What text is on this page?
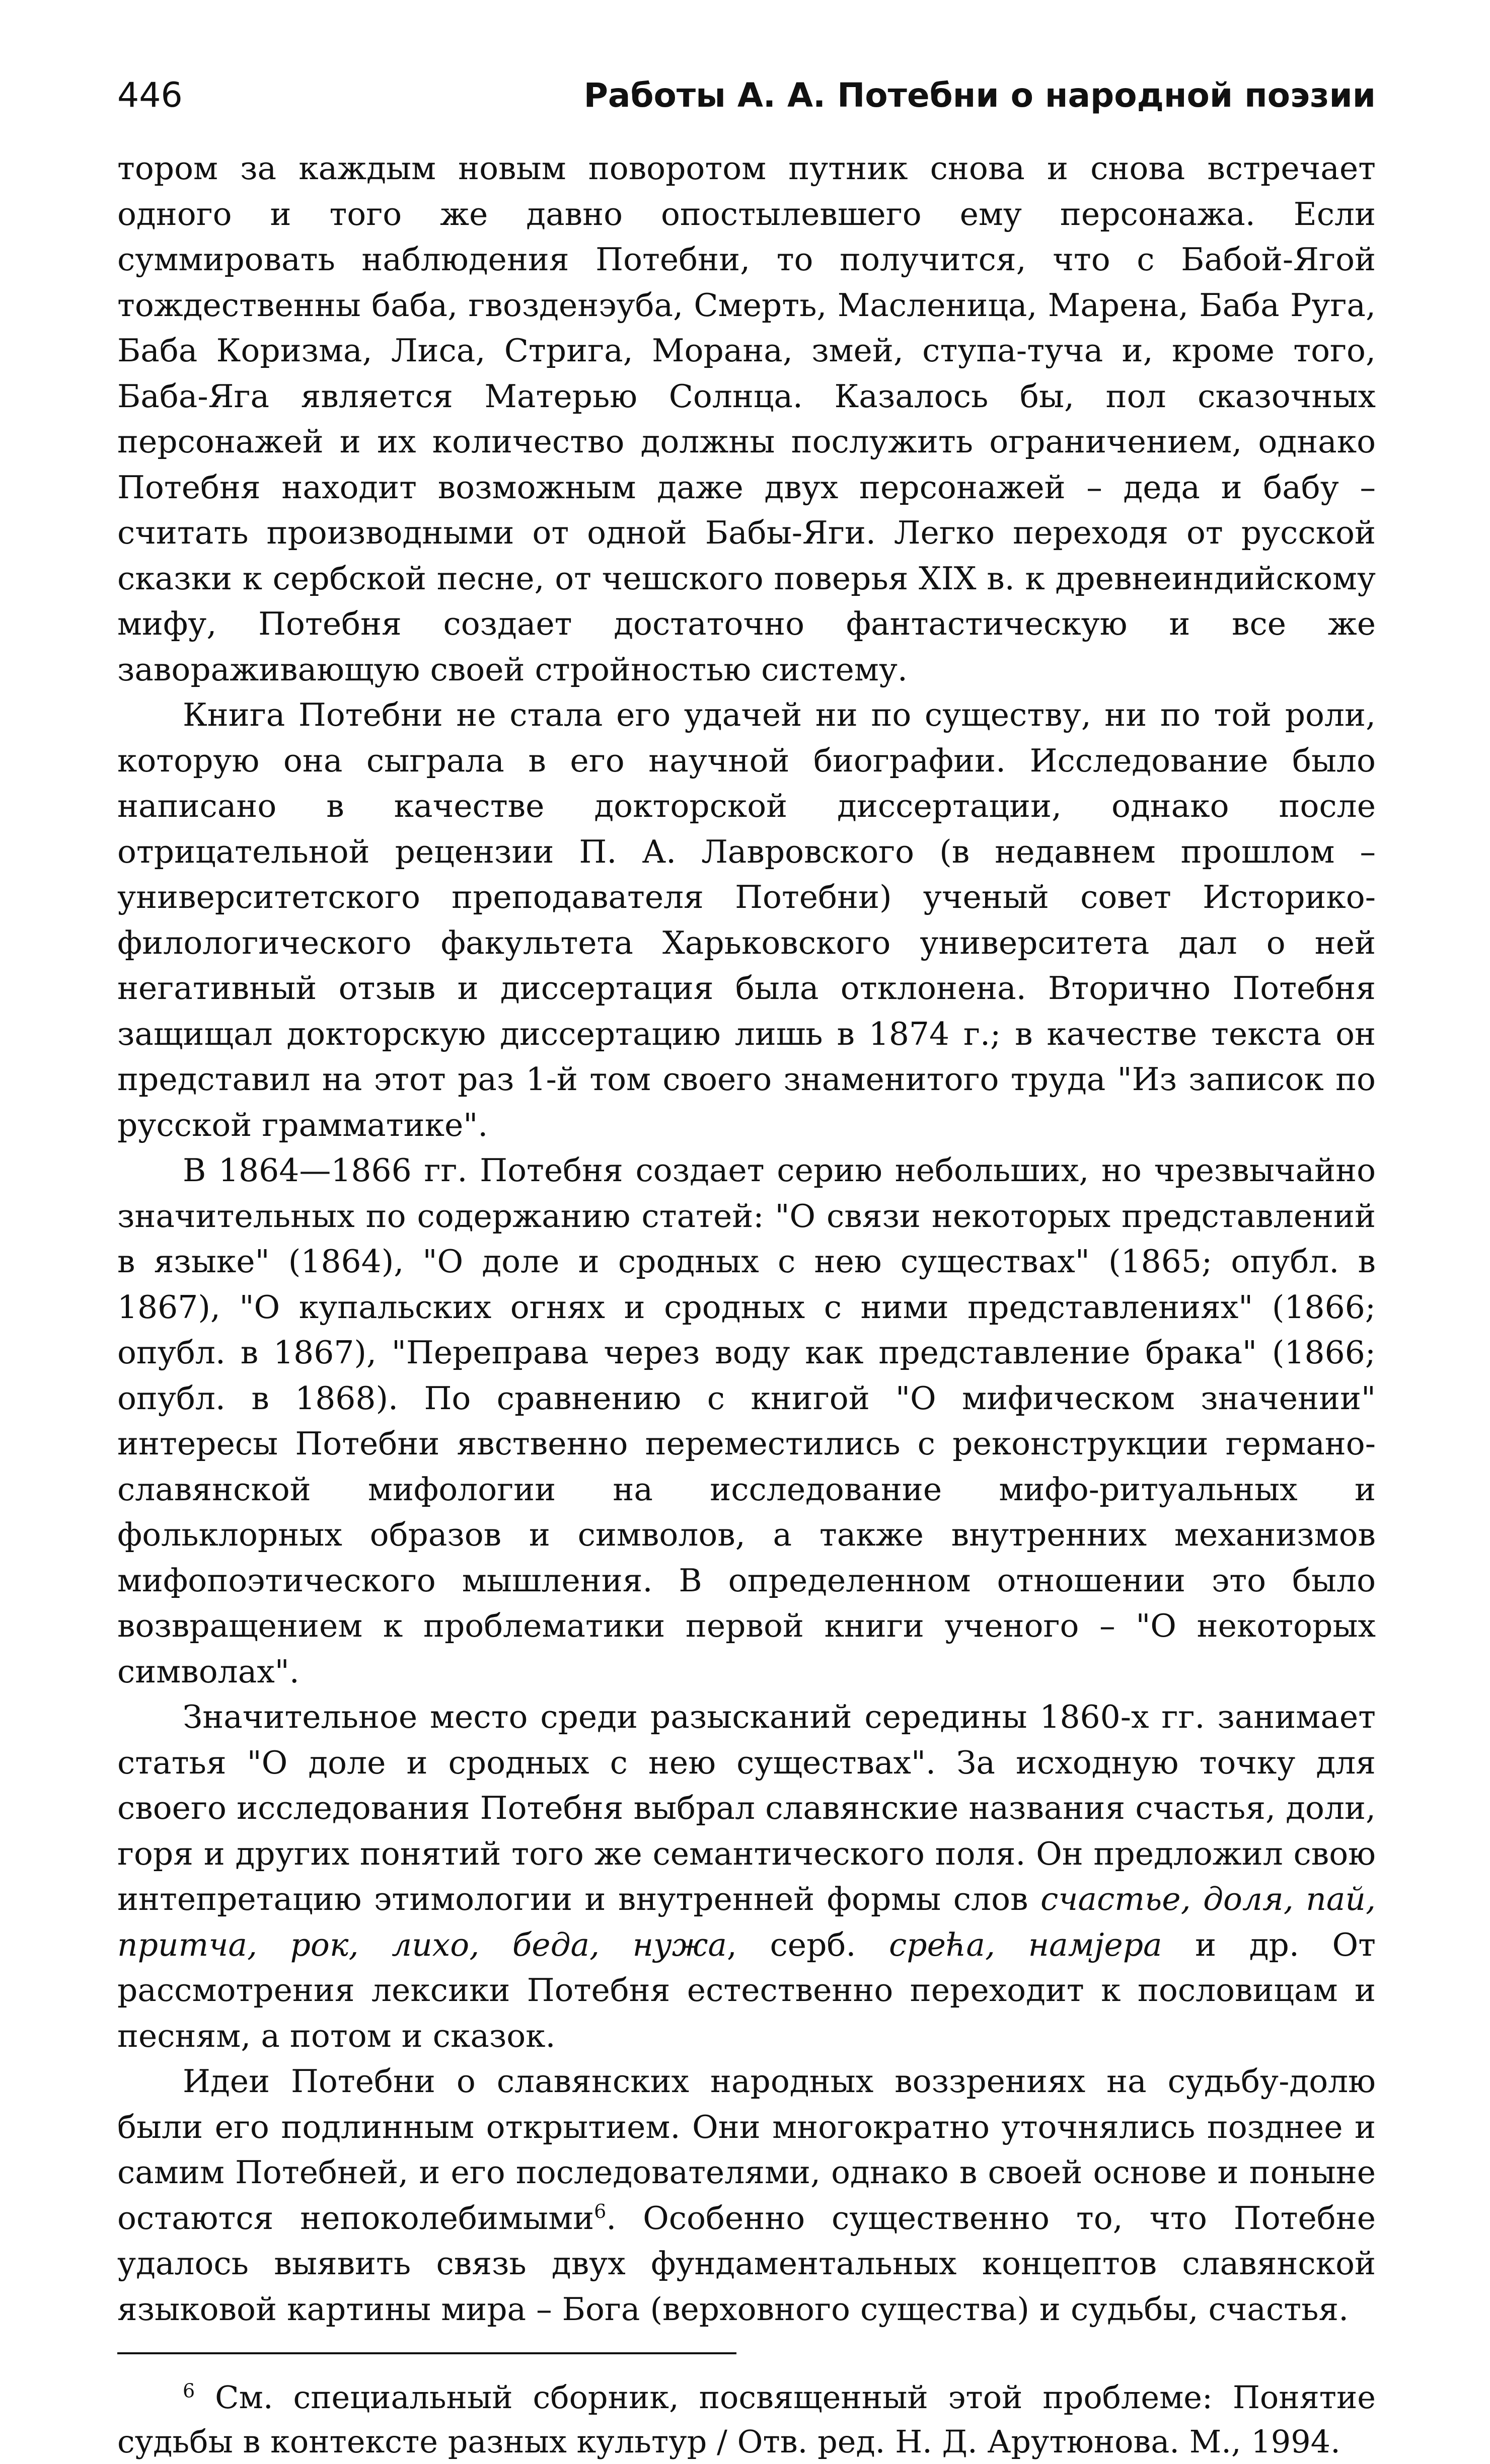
446	Работы А. А. Потебни о народной поэзии

тором за каждым новым поворотом путник снова и снова встречает одного и того же давно опостылевшего ему персонажа. Если суммировать наблюдения Потебни, то получится, что с Бабой-Ягой тождественны баба, гвозденэуба, Смерть, Масленица, Марена, Баба Руга, Баба Коризма, Лиса, Стрига, Морана, змей, ступа-туча и, кроме того, Баба-Яга является Матерью Солнца. Казалось бы, пол сказочных персонажей и их количество должны послужить ограничением, однако Потебня находит возможным даже двух персонажей – деда и бабу – считать производными от одной Бабы-Яги. Легко переходя от русской сказки к сербской песне, от чешского поверья XIX в. к древнеиндийскому мифу, Потебня создает достаточно фантастическую и все же завораживающую своей стройностью систему.

Книга Потебни не стала его удачей ни по существу, ни по той роли, которую она сыграла в его научной биографии. Исследование было написано в качестве докторской диссертации, однако после отрицательной рецензии П. А. Лавровского (в недавнем прошлом – университетского преподавателя Потебни) ученый совет Историко-филологического факультета Харьковского университета дал о ней негативный отзыв и диссертация была отклонена. Вторично Потебня защищал докторскую диссертацию лишь в 1874 г.; в качестве текста он представил на этот раз 1-й том своего знаменитого труда "Из записок по русской грамматике".

В 1864—1866 гг. Потебня создает серию небольших, но чрезвычайно значительных по содержанию статей: "О связи некоторых представлений в языке" (1864), "О доле и сродных с нею существах" (1865; опубл. в 1867), "О купальских огнях и сродных с ними представлениях" (1866; опубл. в 1867), "Переправа через воду как представление брака" (1866; опубл. в 1868). По сравнению с книгой "О мифическом значении" интересы Потебни явственно переместились с реконструкции германо-славянской мифологии на исследование мифо-ритуальных и фольклорных образов и символов, а также внутренних механизмов мифопоэтического мышления. В определенном отношении это было возвращением к проблематики первой книги ученого – "О некоторых символах".

Значительное место среди разысканий середины 1860-х гг. занимает статья "О доле и сродных с нею существах". За исходную точку для своего исследования Потебня выбрал славянские названия счастья, доли, горя и других понятий того же семантического поля. Он предложил свою интепретацию этимологии и внутренней формы слов счастье, доля, пай, притча, рок, лихо, беда, нужа, серб. срећа, намјера и др. От рассмотрения лексики Потебня естественно переходит к пословицам и песням, а потом и сказок.

Идеи Потебни о славянских народных воззрениях на судьбу-долю были его подлинным открытием. Они многократно уточнялись позднее и самим Потебней, и его последователями, однако в своей основе и поныне остаются непоколебимыми$^6$. Особенно существенно то, что Потебне удалось выявить связь двух фундаментальных концептов славянской языковой картины мира – Бога (верховного существа) и судьбы, счастья.

$^6$ См. специальный сборник, посвященный этой проблеме: Понятие судьбы в контексте разных культур / Отв. ред. Н. Д. Арутюнова. М., 1994.
